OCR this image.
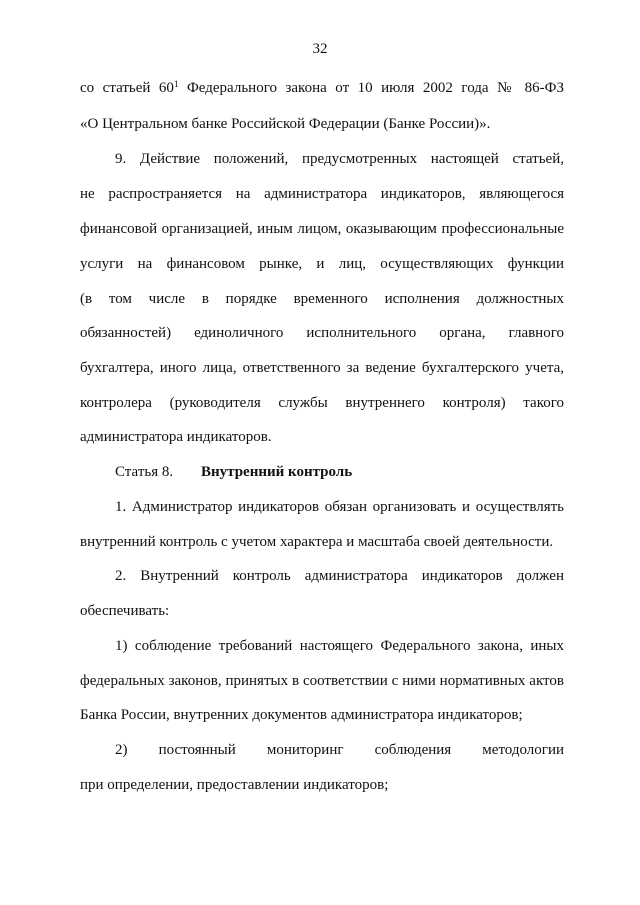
32
со статьей $60^1$ Федерального закона от 10 июля 2002 года № 86-ФЗ
«О Центральном банке Российской Федерации (Банке России)».
9. Действие положений, предусмотренных настоящей статьей,
не распространяется на администратора индикаторов, являющегося
финансовой организацией, иным лицом, оказывающим профессиональные
услуги на финансовом рынке, и лиц, осуществляющих функции
(в том числе в порядке временного исполнения должностных
обязанностей) единоличного исполнительного органа, главного
бухгалтера, иного лица, ответственного за ведение бухгалтерского учета,
контролера (руководителя службы внутреннего контроля) такого
администратора индикаторов.
Статья 8. Внутренний контроль
1. Администратор индикаторов обязан организовать и осуществлять
внутренний контроль с учетом характера и масштаба своей деятельности.
2. Внутренний контроль администратора индикаторов должен
обеспечивать:
1) соблюдение требований настоящего Федерального закона, иных
федеральных законов, принятых в соответствии с ними нормативных актов
Банка России, внутренних документов администратора индикаторов;
2) постоянный мониторинг соблюдения методологии
при определении, предоставлении индикаторов;
